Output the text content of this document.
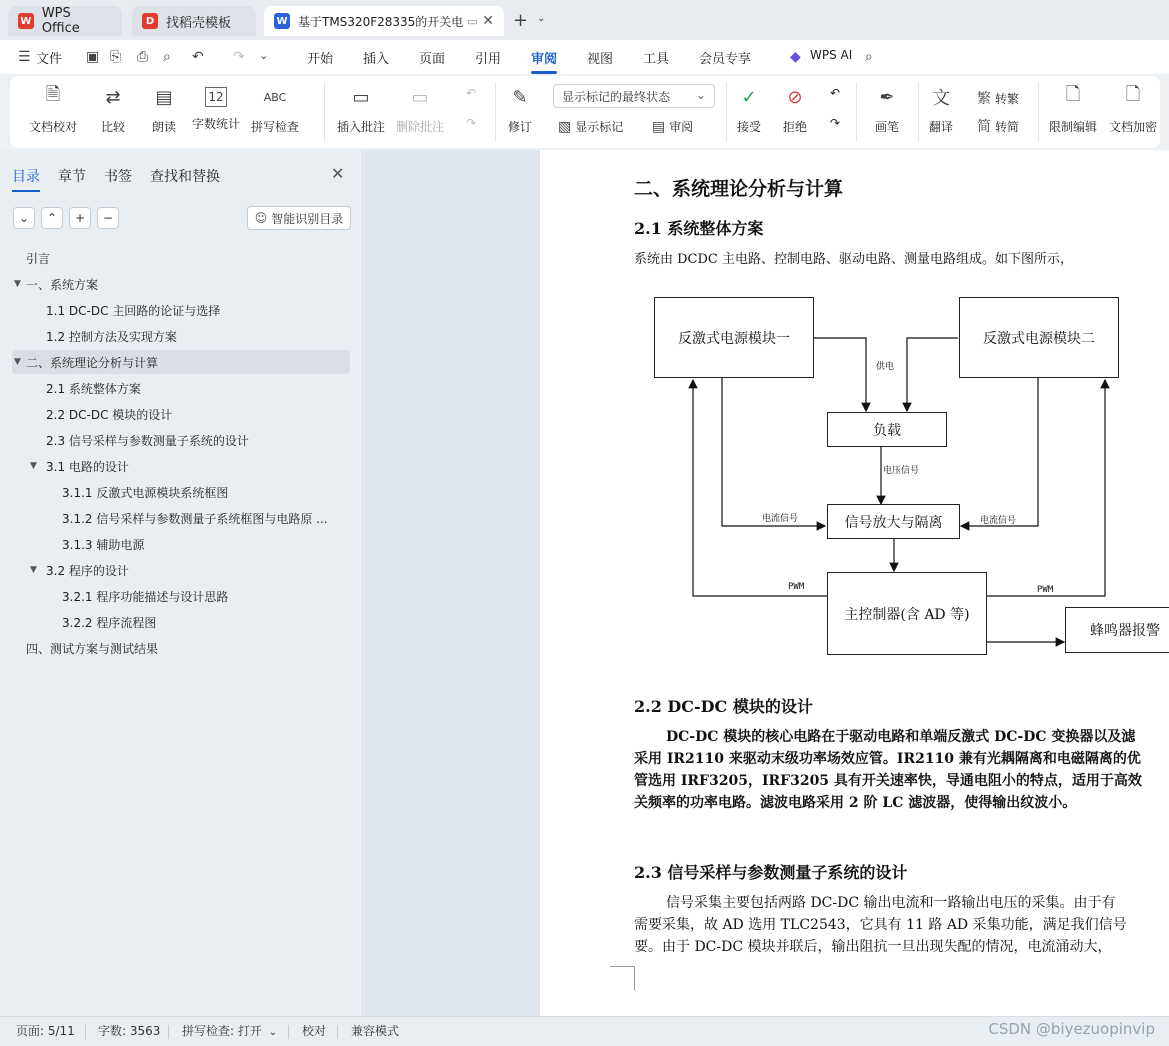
W WPS Office	D 找稻壳模板	W 基于TMS320F28335的开关电 ▭ ✕ + ⌄
☰ 文件 ▣ ⎘ ⎙ ⌕ ↶ ↷ ⌄	开始 插入 页面 引用 审阅 视图 工具 会员专享	◆ WPS AI ⌕
🗎
文档校对
⇄
比较
▤
朗读
12
字数统计
ABC
拼写检查
▭
插入批注
▭
删除批注
↶
↷
✎
修订
显示标记的最终状态 ⌄
▧ 显示标记 ▤ 审阅
✓
接受
⊘
拒绝
↶
↷
✒
画笔
文
翻译
繁 转繁
简 转简
🗋
限制编辑
🗋
文档加密
目录 章节 书签 查找和替换	✕
⌄	⌃	+	−	☺ 智能识别目录
引言
▼ 一、系统方案
1.1 DC-DC 主回路的论证与选择
1.2 控制方法及实现方案
▼ 二、系统理论分析与计算
2.1 系统整体方案
2.2 DC-DC 模块的设计
2.3 信号采样与参数测量子系统的设计
▼ 3.1 电路的设计
3.1.1 反激式电源模块系统框图
3.1.2 信号采样与参数测量子系统框图与电路原 ...
3.1.3 辅助电源
▼ 3.2 程序的设计
3.2.1 程序功能描述与设计思路
3.2.2 程序流程图
四、测试方案与测试结果
二、系统理论分析与计算
2.1 系统整体方案
系统由 DCDC 主电路、控制电路、驱动电路、测量电路组成。如下图所示，
反激式电源模块一	反激式电源模块二
负载
信号放大与隔离
主控制器(含 AD 等)
蜂鸣器报警
供电
电压信号
电流信号	电流信号
PWM	PWM
2.2 DC-DC 模块的设计
DC-DC 模块的核心电路在于驱动电路和单端反激式 DC-DC 变换器以及滤
采用 IR2110 来驱动末级功率场效应管。IR2110 兼有光耦隔离和电磁隔离的优
管选用 IRF3205，IRF3205 具有开关速率快，导通电阻小的特点，适用于高效
关频率的功率电路。滤波电路采用 2 阶 LC 滤波器，使得输出纹波小。
2.3 信号采样与参数测量子系统的设计
信号采集主要包括两路 DC-DC 输出电流和一路输出电压的采集。由于有
需要采集，故 AD 选用 TLC2543，它具有 11 路 AD 采集功能，满足我们信号
要。由于 DC-DC 模块并联后，输出阻抗一旦出现失配的情况，电流涌动大，
页面: 5/11 字数: 3563 拼写检查: 打开 ⌄ 校对 兼容模式	CSDN @biyezuopinvip
